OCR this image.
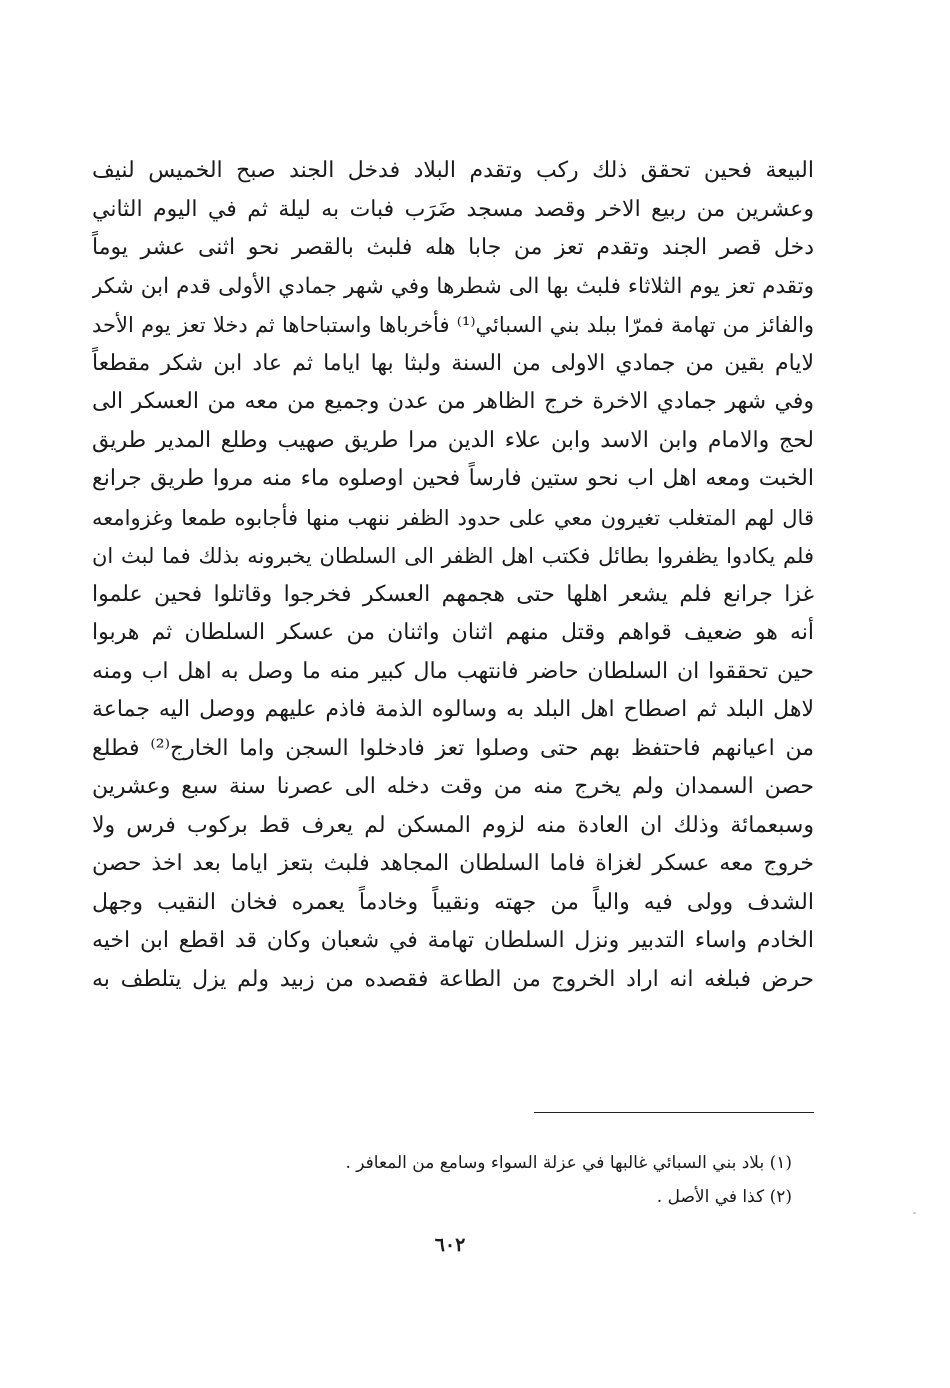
البيعة فحين تحقق ذلك ركب وتقدم البلاد فدخل الجند صبح الخميس لنيف
وعشرين من ربيع الاخر وقصد مسجد ضَرَب فبات به ليلة ثم في اليوم الثاني
دخل قصر الجند وتقدم تعز من جابا هله فلبث بالقصر نحو اثنى عشر يوماً
وتقدم تعز يوم الثلاثاء فلبث بها الى شطرها وفي شهر جمادي الأولى قدم ابن شكر
والفائز من تهامة فمرّا ببلد بني السبائي⁽¹⁾ فأخرباها واستباحاها ثم دخلا تعز يوم الأحد
لايام بقين من جمادي الاولى من السنة ولبثا بها اياما ثم عاد ابن شكر مقطعاً
وفي شهر جمادي الاخرة خرج الظاهر من عدن وجميع من معه من العسكر الى
لحج والامام وابن الاسد وابن علاء الدين مرا طريق صهيب وطلع المدير طريق
الخبت ومعه اهل اب نحو ستين فارساً فحين اوصلوه ماء منه مروا طريق جرانع
قال لهم المتغلب تغيرون معي على حدود الظفر ننهب منها فأجابوه طمعا وغزوامعه
فلم يكادوا يظفروا بطائل فكتب اهل الظفر الى السلطان يخبرونه بذلك فما لبث ان
غزا جرانع فلم يشعر اهلها حتى هجمهم العسكر فخرجوا وقاتلوا فحين علموا
أنه هو ضعيف قواهم وقتل منهم اثنان واثنان من عسكر السلطان ثم هربوا
حين تحققوا ان السلطان حاضر فانتهب مال كبير منه ما وصل به اهل اب ومنه
لاهل البلد ثم اصطاح اهل البلد به وسالوه الذمة فاذم عليهم ووصل اليه جماعة
من اعيانهم فاحتفظ بهم حتى وصلوا تعز فادخلوا السجن واما الخارج⁽²⁾ فطلع
حصن السمدان ولم يخرج منه من وقت دخله الى عصرنا سنة سبع وعشرين
وسبعمائة وذلك ان العادة منه لزوم المسكن لم يعرف قط بركوب فرس ولا
خروج معه عسكر لغزاة فاما السلطان المجاهد فلبث بتعز اياما بعد اخذ حصن
الشدف وولى فيه والياً من جهته ونقيباً وخادماً يعمره فخان النقيب وجهل
الخادم واساء التدبير ونزل السلطان تهامة في شعبان وكان قد اقطع ابن اخيه
حرض فبلغه انه اراد الخروج من الطاعة فقصده من زبيد ولم يزل يتلطف به
(١) بلاد بني السبائي غالبها في عزلة السواء وسامع من المعافر .
(٢) كذا في الأصل .
٦٠٢
